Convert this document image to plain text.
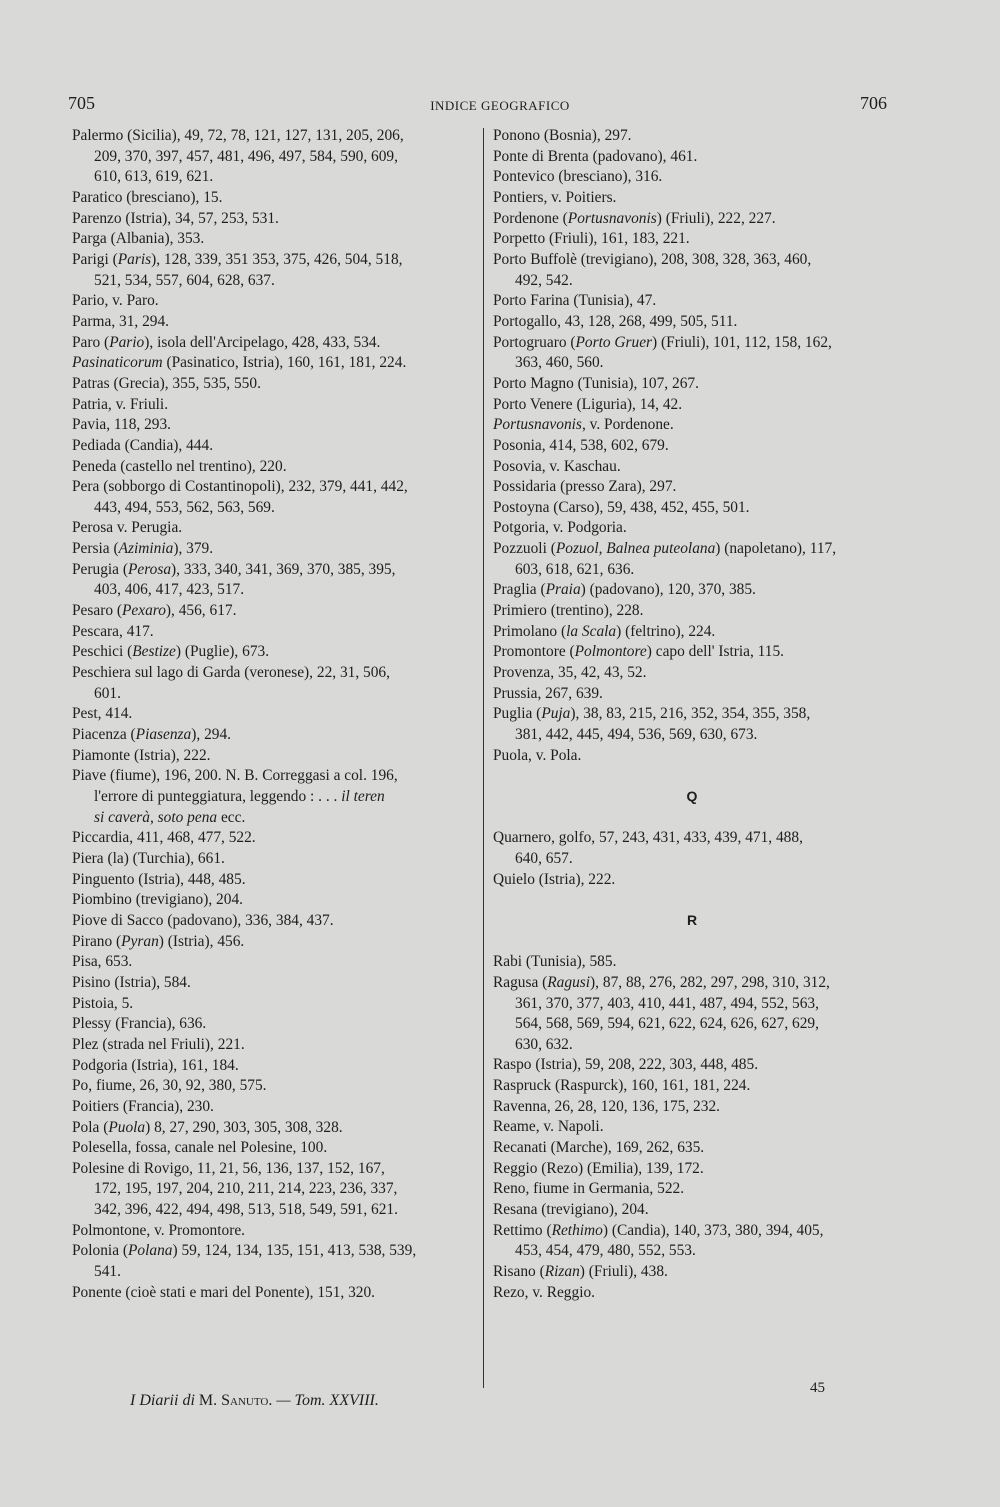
705	INDICE GEOGRAFICO	706
Palermo (Sicilia), 49, 72, 78, 121, 127, 131, 205, 206,
209, 370, 397, 457, 481, 496, 497, 584, 590, 609,
610, 613, 619, 621.
Paratico (bresciano), 15.
Parenzo (Istria), 34, 57, 253, 531.
Parga (Albania), 353.
Parigi (Paris), 128, 339, 351 353, 375, 426, 504, 518,
521, 534, 557, 604, 628, 637.
Pario, v. Paro.
Parma, 31, 294.
Paro (Pario), isola dell'Arcipelago, 428, 433, 534.
Pasinaticorum (Pasinatico, Istria), 160, 161, 181, 224.
Patras (Grecia), 355, 535, 550.
Patria, v. Friuli.
Pavia, 118, 293.
Pediada (Candia), 444.
Peneda (castello nel trentino), 220.
Pera (sobborgo di Costantinopoli), 232, 379, 441, 442,
443, 494, 553, 562, 563, 569.
Perosa v. Perugia.
Persia (Aziminia), 379.
Perugia (Perosa), 333, 340, 341, 369, 370, 385, 395,
403, 406, 417, 423, 517.
Pesaro (Pexaro), 456, 617.
Pescara, 417.
Peschici (Bestize) (Puglie), 673.
Peschiera sul lago di Garda (veronese), 22, 31, 506,
601.
Pest, 414.
Piacenza (Piasenza), 294.
Piamonte (Istria), 222.
Piave (fiume), 196, 200. N. B. Correggasi a col. 196,
l'errore di punteggiatura, leggendo : . . . il teren
si caverà, soto pena ecc.
Piccardia, 411, 468, 477, 522.
Piera (la) (Turchia), 661.
Pinguento (Istria), 448, 485.
Piombino (trevigiano), 204.
Piove di Sacco (padovano), 336, 384, 437.
Pirano (Pyran) (Istria), 456.
Pisa, 653.
Pisino (Istria), 584.
Pistoia, 5.
Plessy (Francia), 636.
Plez (strada nel Friuli), 221.
Podgoria (Istria), 161, 184.
Po, fiume, 26, 30, 92, 380, 575.
Poitiers (Francia), 230.
Pola (Puola) 8, 27, 290, 303, 305, 308, 328.
Polesella, fossa, canale nel Polesine, 100.
Polesine di Rovigo, 11, 21, 56, 136, 137, 152, 167,
172, 195, 197, 204, 210, 211, 214, 223, 236, 337,
342, 396, 422, 494, 498, 513, 518, 549, 591, 621.
Polmontone, v. Promontore.
Polonia (Polana) 59, 124, 134, 135, 151, 413, 538, 539,
541.
Ponente (cioè stati e mari del Ponente), 151, 320.
Ponono (Bosnia), 297.
Ponte di Brenta (padovano), 461.
Pontevico (bresciano), 316.
Pontiers, v. Poitiers.
Pordenone (Portusnavonis) (Friuli), 222, 227.
Porpetto (Friuli), 161, 183, 221.
Porto Buffolè (trevigiano), 208, 308, 328, 363, 460,
492, 542.
Porto Farina (Tunisia), 47.
Portogallo, 43, 128, 268, 499, 505, 511.
Portogruaro (Porto Gruer) (Friuli), 101, 112, 158, 162,
363, 460, 560.
Porto Magno (Tunisia), 107, 267.
Porto Venere (Liguria), 14, 42.
Portusnavonis, v. Pordenone.
Posonia, 414, 538, 602, 679.
Posovia, v. Kaschau.
Possidaria (presso Zara), 297.
Postoyna (Carso), 59, 438, 452, 455, 501.
Potgoria, v. Podgoria.
Pozzuoli (Pozuol, Balnea puteolana) (napoletano), 117,
603, 618, 621, 636.
Praglia (Praia) (padovano), 120, 370, 385.
Primiero (trentino), 228.
Primolano (la Scala) (feltrino), 224.
Promontore (Polmontore) capo dell' Istria, 115.
Provenza, 35, 42, 43, 52.
Prussia, 267, 639.
Puglia (Puja), 38, 83, 215, 216, 352, 354, 355, 358,
381, 442, 445, 494, 536, 569, 630, 673.
Puola, v. Pola.
Q
Quarnero, golfo, 57, 243, 431, 433, 439, 471, 488,
640, 657.
Quielo (Istria), 222.
R
Rabi (Tunisia), 585.
Ragusa (Ragusi), 87, 88, 276, 282, 297, 298, 310, 312,
361, 370, 377, 403, 410, 441, 487, 494, 552, 563,
564, 568, 569, 594, 621, 622, 624, 626, 627, 629,
630, 632.
Raspo (Istria), 59, 208, 222, 303, 448, 485.
Raspruck (Raspurck), 160, 161, 181, 224.
Ravenna, 26, 28, 120, 136, 175, 232.
Reame, v. Napoli.
Recanati (Marche), 169, 262, 635.
Reggio (Rezo) (Emilia), 139, 172.
Reno, fiume in Germania, 522.
Resana (trevigiano), 204.
Rettimo (Rethimo) (Candia), 140, 373, 380, 394, 405,
453, 454, 479, 480, 552, 553.
Risano (Rizan) (Friuli), 438.
Rezo, v. Reggio.
I Diarii di M. Sanuto. — Tom. XXVIII.
45
